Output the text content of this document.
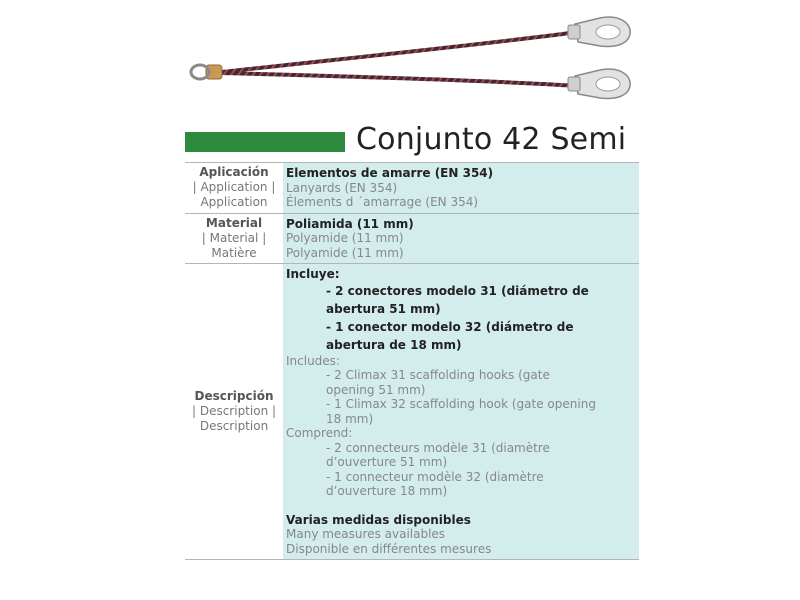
Conjunto 42 Semi
Aplicación
| Application |
Application
Elementos de amarre (EN 354)
Lanyards (EN 354)
Élements d ´amarrage (EN 354)
Material
| Material |
Matière
Poliamida (11 mm)
Polyamide (11 mm)
Polyamide (11 mm)
Descripción
| Description |
Description
Incluye:
- 2 conectores modelo 31 (diámetro de
abertura 51 mm)
- 1 conector modelo 32 (diámetro de
abertura de 18 mm)
Includes:
- 2 Climax 31 scaffolding hooks (gate
opening 51 mm)
- 1 Climax 32 scaffolding hook (gate opening
18 mm)
Comprend:
- 2 connecteurs modèle 31 (diamètre
d’ouverture 51 mm)
- 1 connecteur modèle 32 (diamètre
d’ouverture 18 mm)
Varias medidas disponibles
Many measures availables
Disponible en différentes mesures
